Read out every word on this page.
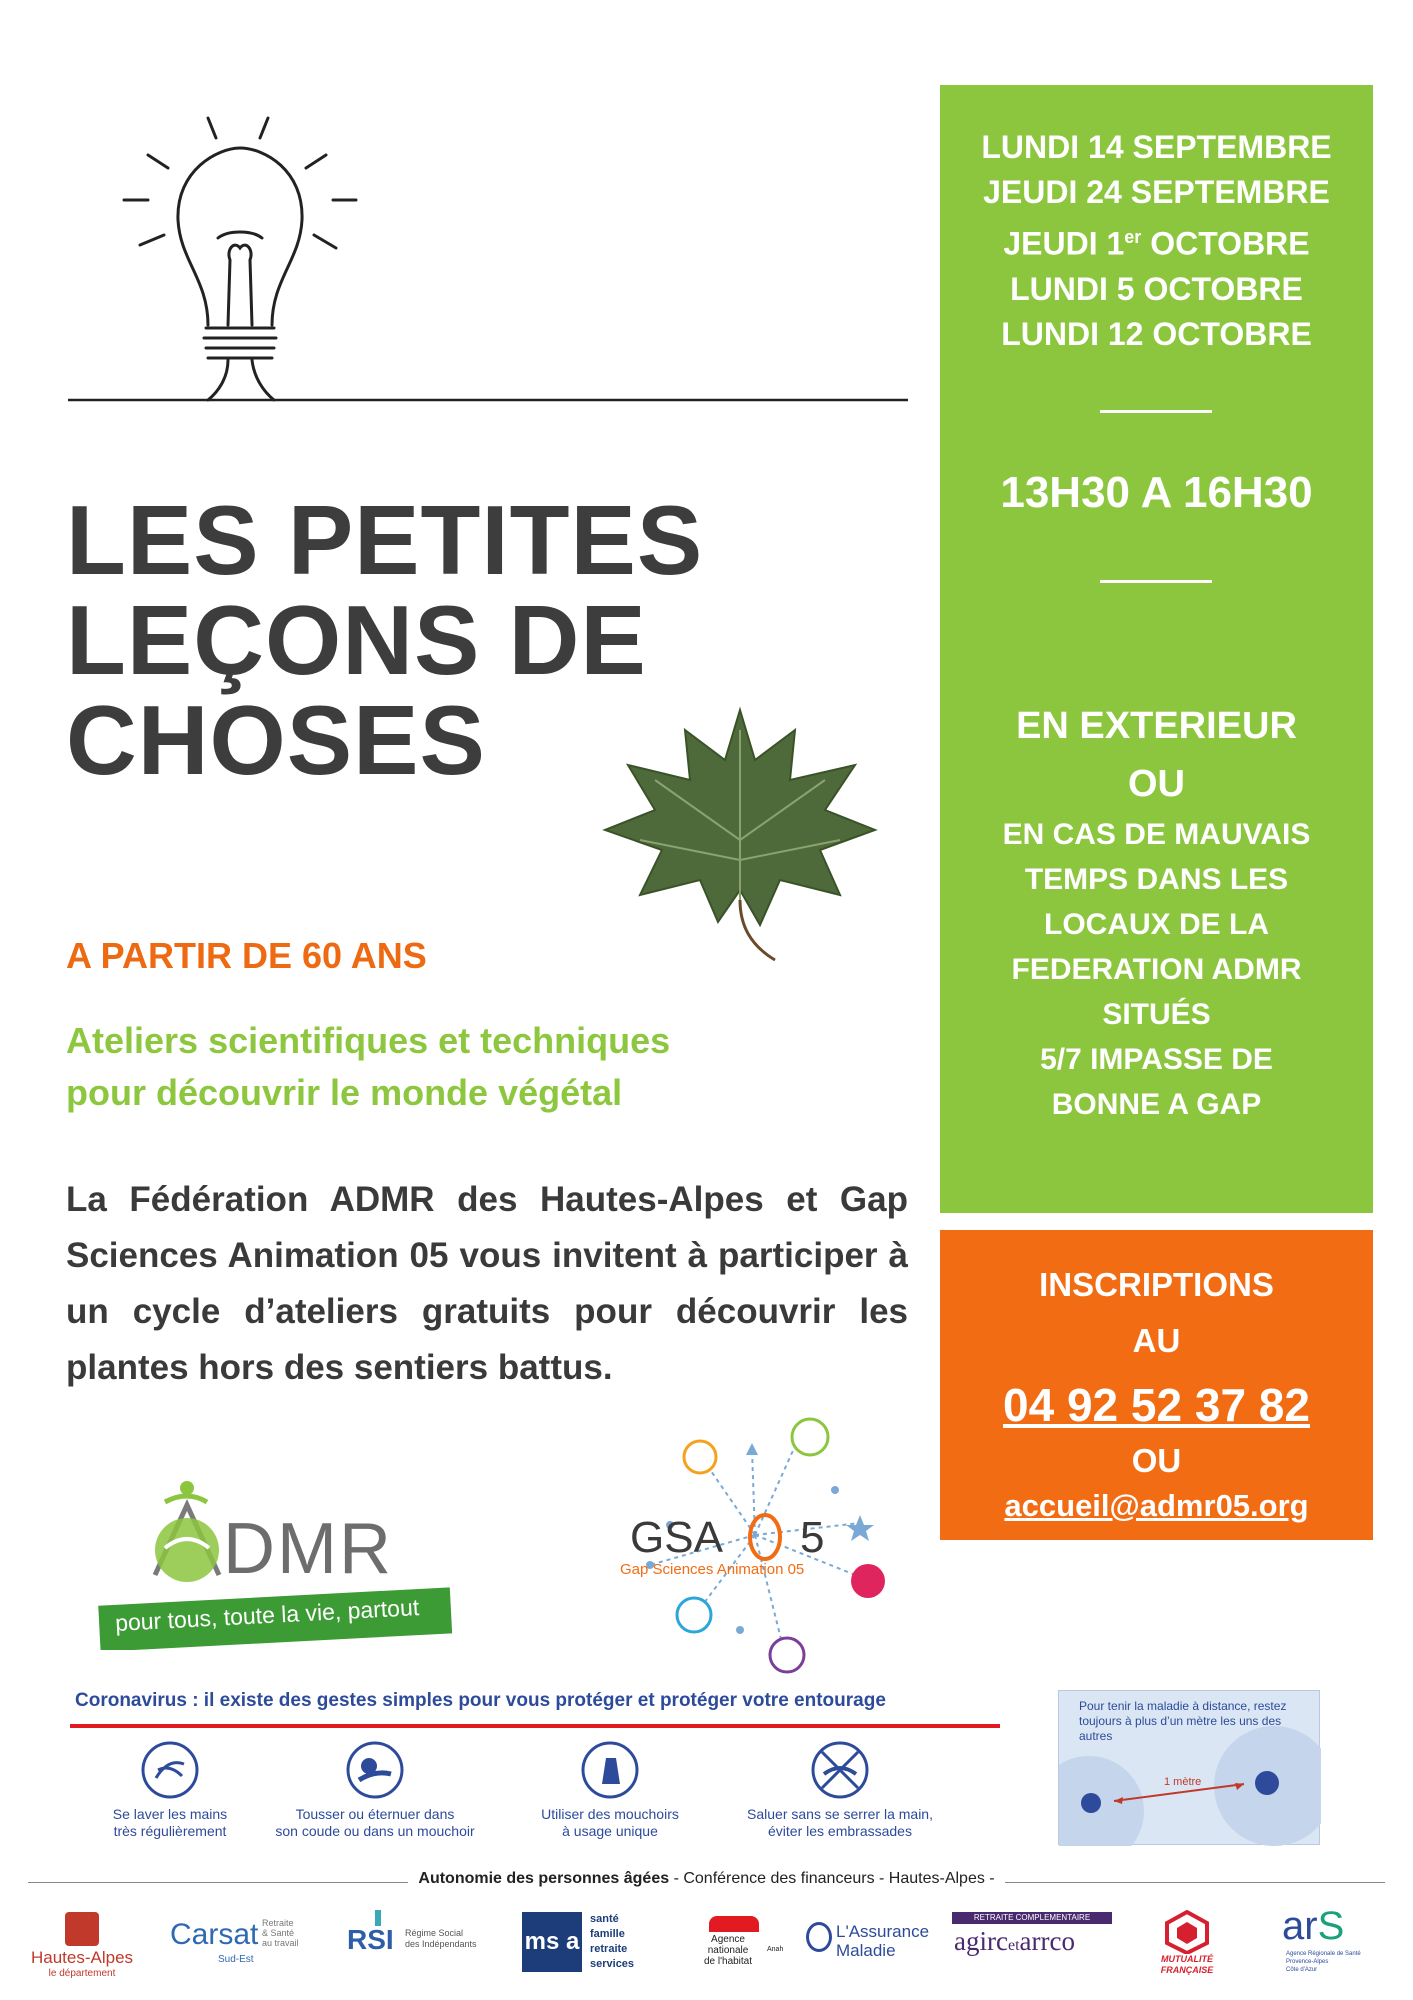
LES PETITES
LEÇONS DE
CHOSES
A PARTIR DE 60 ANS
Ateliers scientifiques et techniques
pour découvrir le monde végétal
La Fédération ADMR des Hautes-Alpes et Gap Sciences Animation 05 vous invitent à participer à un cycle d’ateliers gratuits pour découvrir les plantes hors des sentiers battus.
LUNDI 14 SEPTEMBRE
JEUDI 24 SEPTEMBRE
JEUDI 1er OCTOBRE
LUNDI 5 OCTOBRE
LUNDI 12 OCTOBRE
13H30 A 16H30
EN EXTERIEUR
OU
EN CAS DE MAUVAIS
TEMPS DANS LES
LOCAUX DE LA
FEDERATION ADMR
SITUÉS
5/7 IMPASSE DE
BONNE A GAP
INSCRIPTIONS
AU
04 92 52 37 82
OU
accueil@admr05.org
DMR
pour tous, toute la vie, partout
GSA 5
Gap Sciences Animation 05
Coronavirus : il existe des gestes simples pour vous protéger et protéger votre entourage
Se laver les mains
très régulièrement
Tousser ou éternuer dans
son coude ou dans un mouchoir
Utiliser des mouchoirs
à usage unique
Saluer sans se serrer la main,
éviter les embrassades
Pour tenir la maladie à distance, restez toujours à plus d’un mètre les uns des autres
1 mètre
Autonomie des personnes âgées - Conférence des financeurs - Hautes-Alpes -
Hautes-Alpes
le département
Carsat Retraite
& Santé
au travail
Sud-Est
RSI Régime Social
des Indépendants ms a
santé
famille
retraite
services
Agence
nationale
de l'habitat
Anah
L'Assurance
Maladie
RETRAITE COMPLEMENTAIRE
agircetarrco
MUTUALITÉ
FRANÇAISE
arS
Agence Régionale de Santé
Provence-Alpes
Côte d'Azur
